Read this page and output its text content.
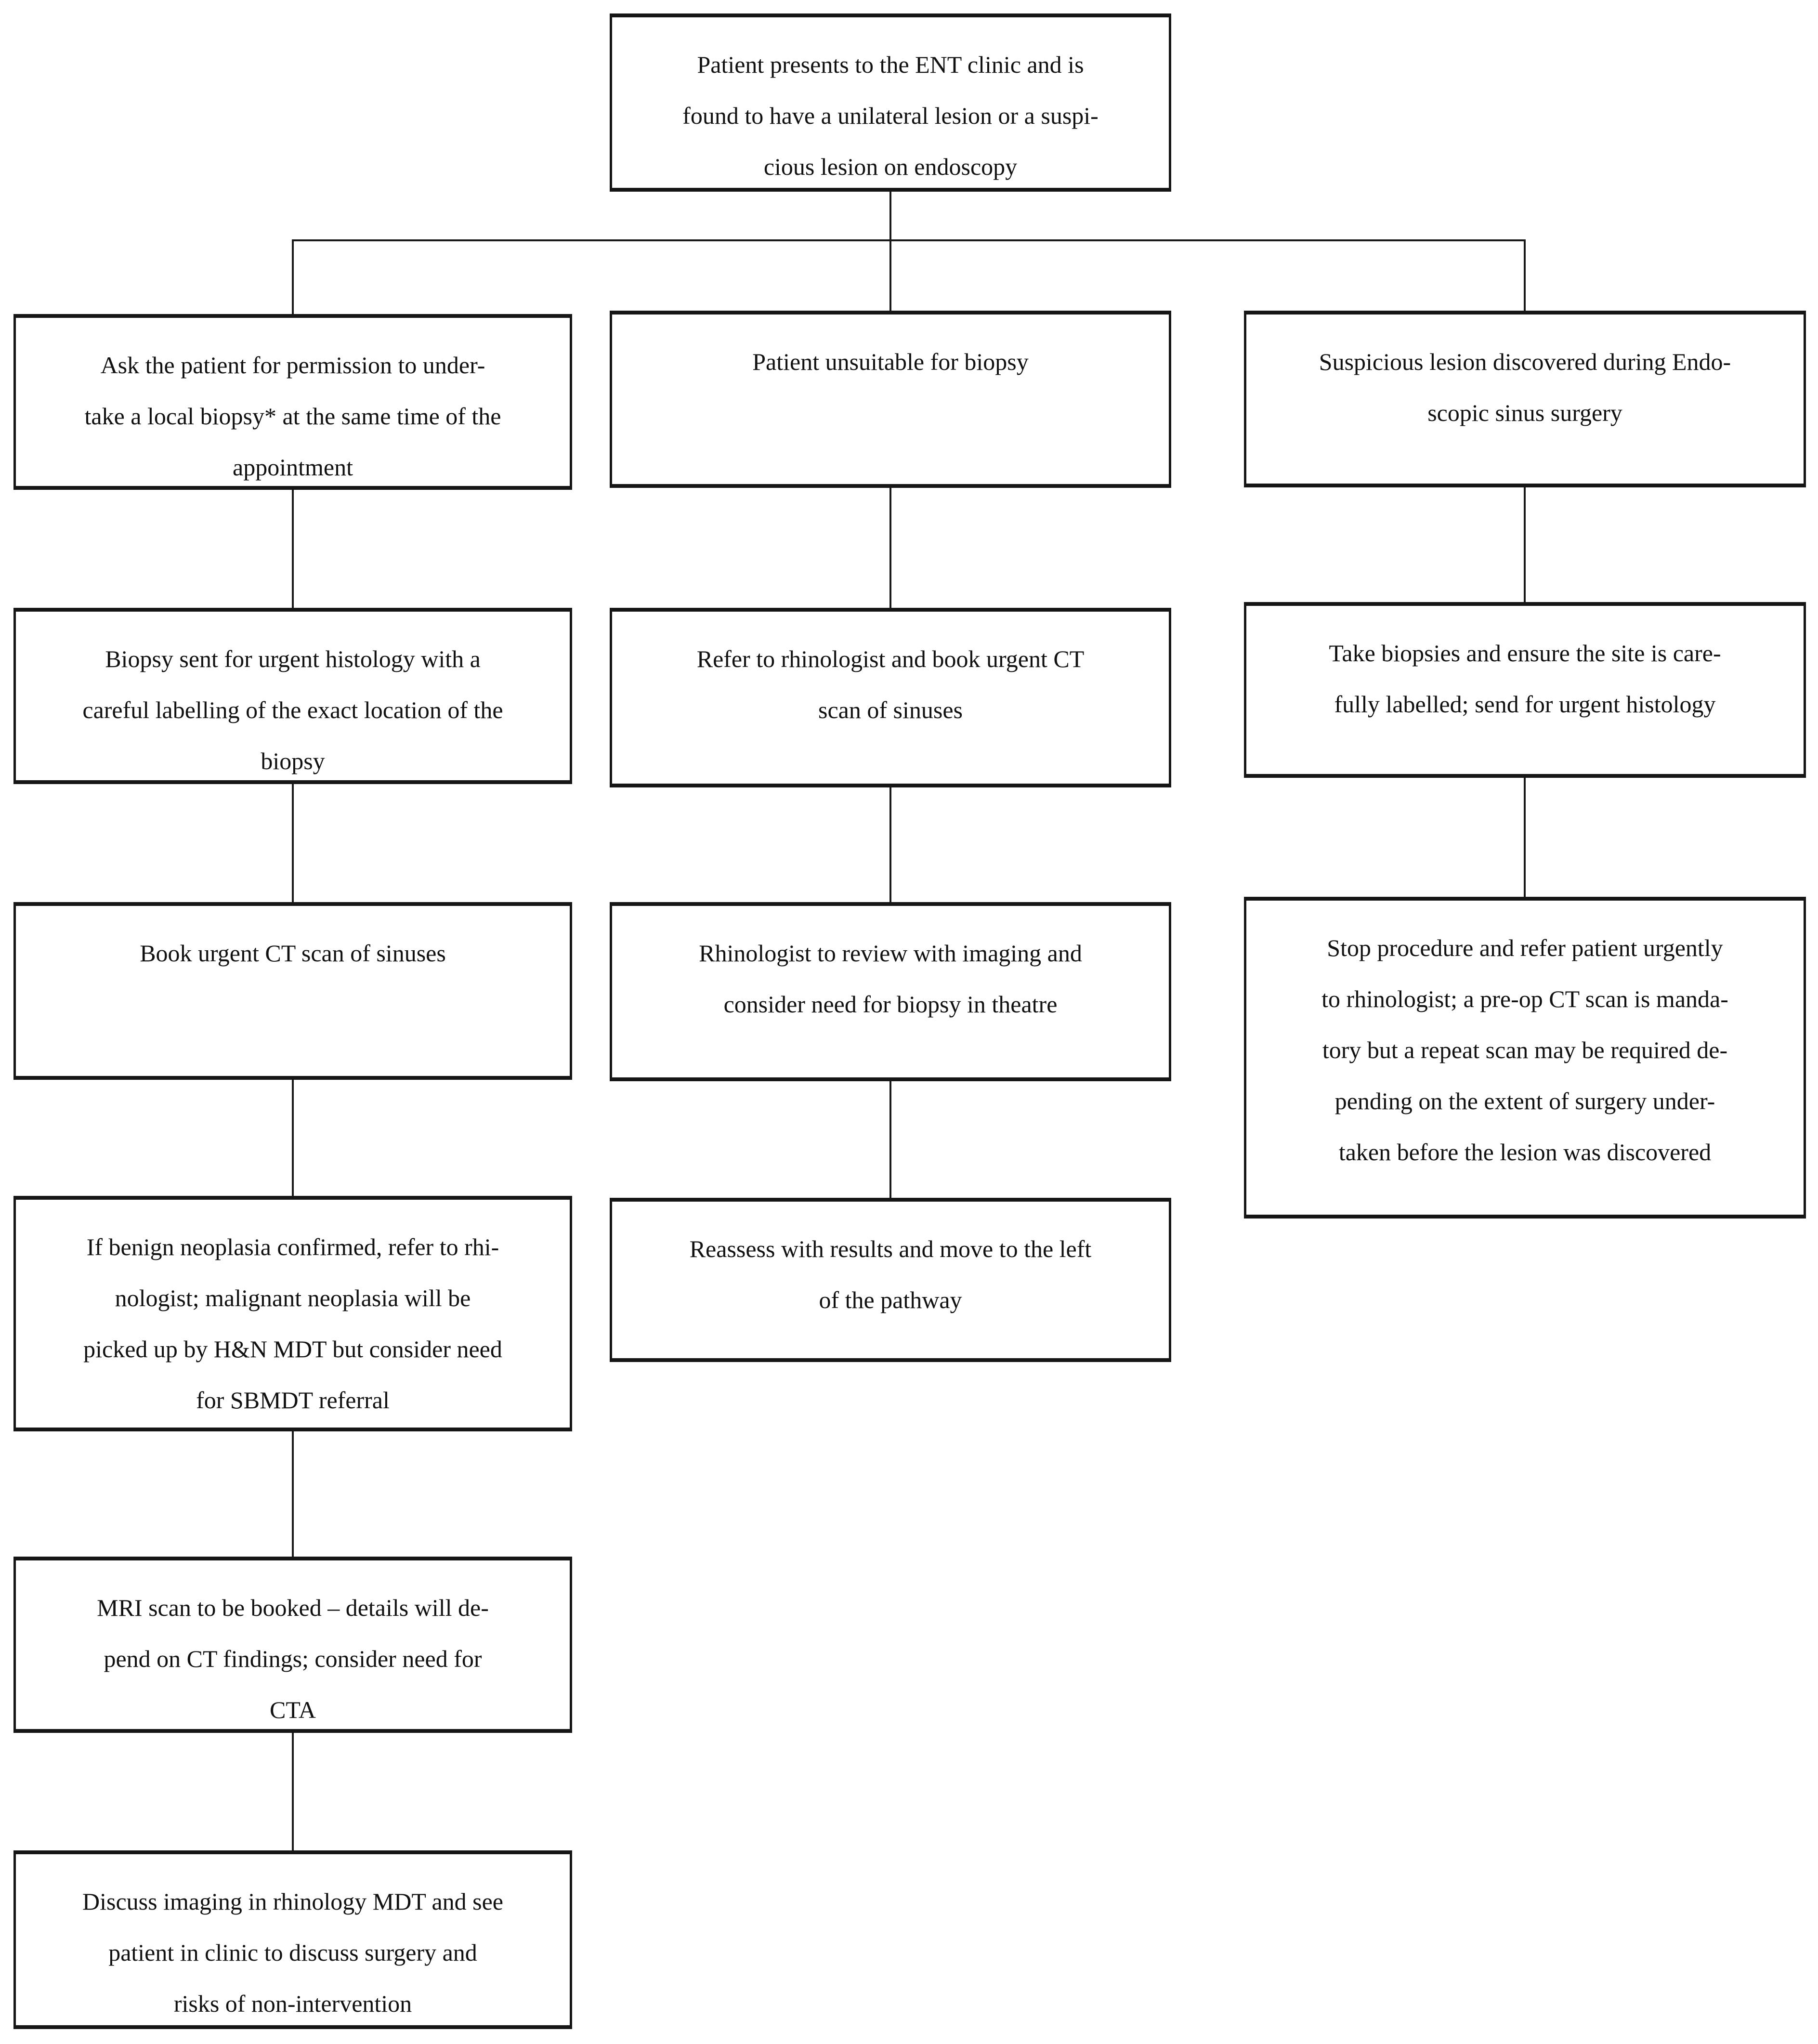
Patient presents to the ENT clinic and is
found to have a unilateral lesion or a suspi-
cious lesion on endoscopy
Ask the patient for permission to under-
take a local biopsy* at the same time of the
appointment
Patient unsuitable for biopsy	Suspicious lesion discovered during Endo-
scopic sinus surgery
Biopsy sent for urgent histology with a
careful labelling of the exact location of the
biopsy
Refer to rhinologist and book urgent CT
scan of sinuses
Take biopsies and ensure the site is care-
fully labelled; send for urgent histology
Book urgent CT scan of sinuses	Rhinologist to review with imaging and
consider need for biopsy in theatre
Stop procedure and refer patient urgently
to rhinologist; a pre-op CT scan is manda-
tory but a repeat scan may be required de-
pending on the extent of surgery under-
taken before the lesion was discovered
If benign neoplasia confirmed, refer to rhi-
nologist; malignant neoplasia will be
picked up by H&N MDT but consider need
for SBMDT referral
Reassess with results and move to the left
of the pathway
MRI scan to be booked – details will de-
pend on CT findings; consider need for
CTA
Discuss imaging in rhinology MDT and see
patient in clinic to discuss surgery and
risks of non-intervention
